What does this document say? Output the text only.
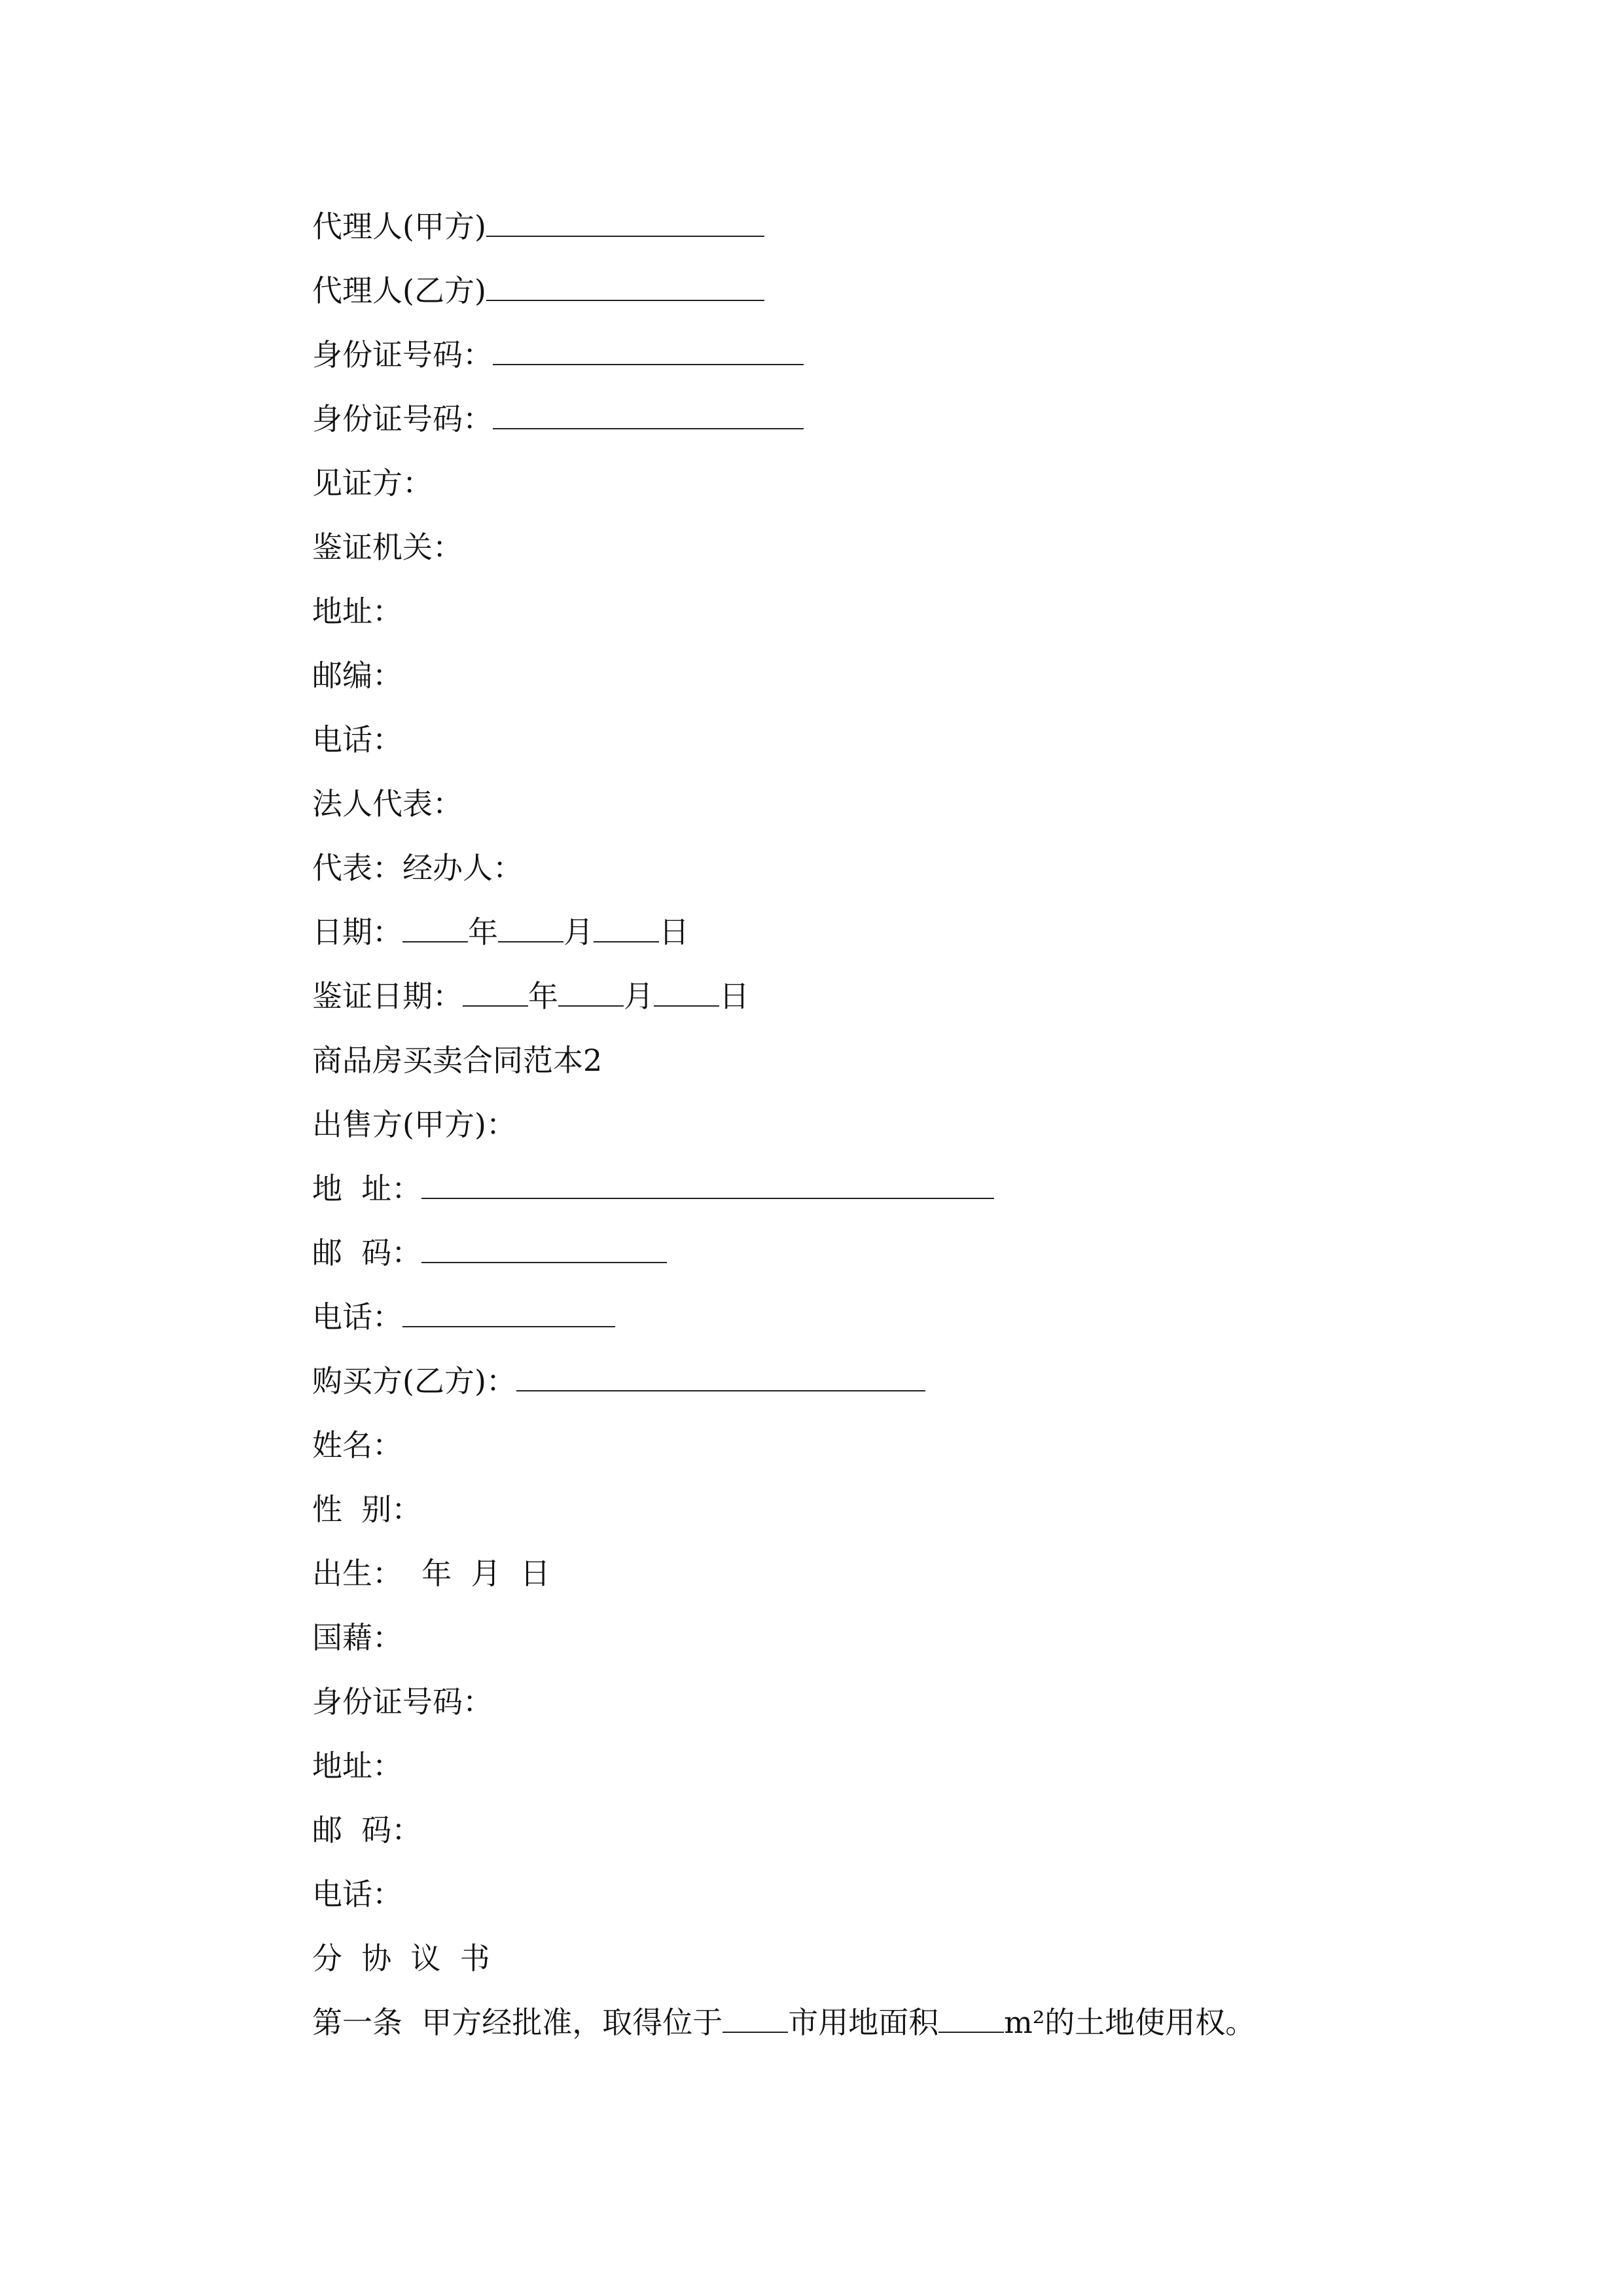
代理人(甲方)
代理人(乙方)
身份证号码：
身份证号码：
见证方：
鉴证机关：
地址：
邮编：
电话：
法人代表：
代表：经办人：
日期： 年 月 日
鉴证日期： 年 月 日
商品房买卖合同范本2
出售方(甲方)：
地  址：
邮  码：
电话：
购买方(乙方)：
姓名：
性  别：
出生：  年  月  日
国藉：
身份证号码：
地址：
邮  码：
电话：
分  协  议  书
第一条  甲方经批准，取得位于 市用地面积 m²的土地使用权。
